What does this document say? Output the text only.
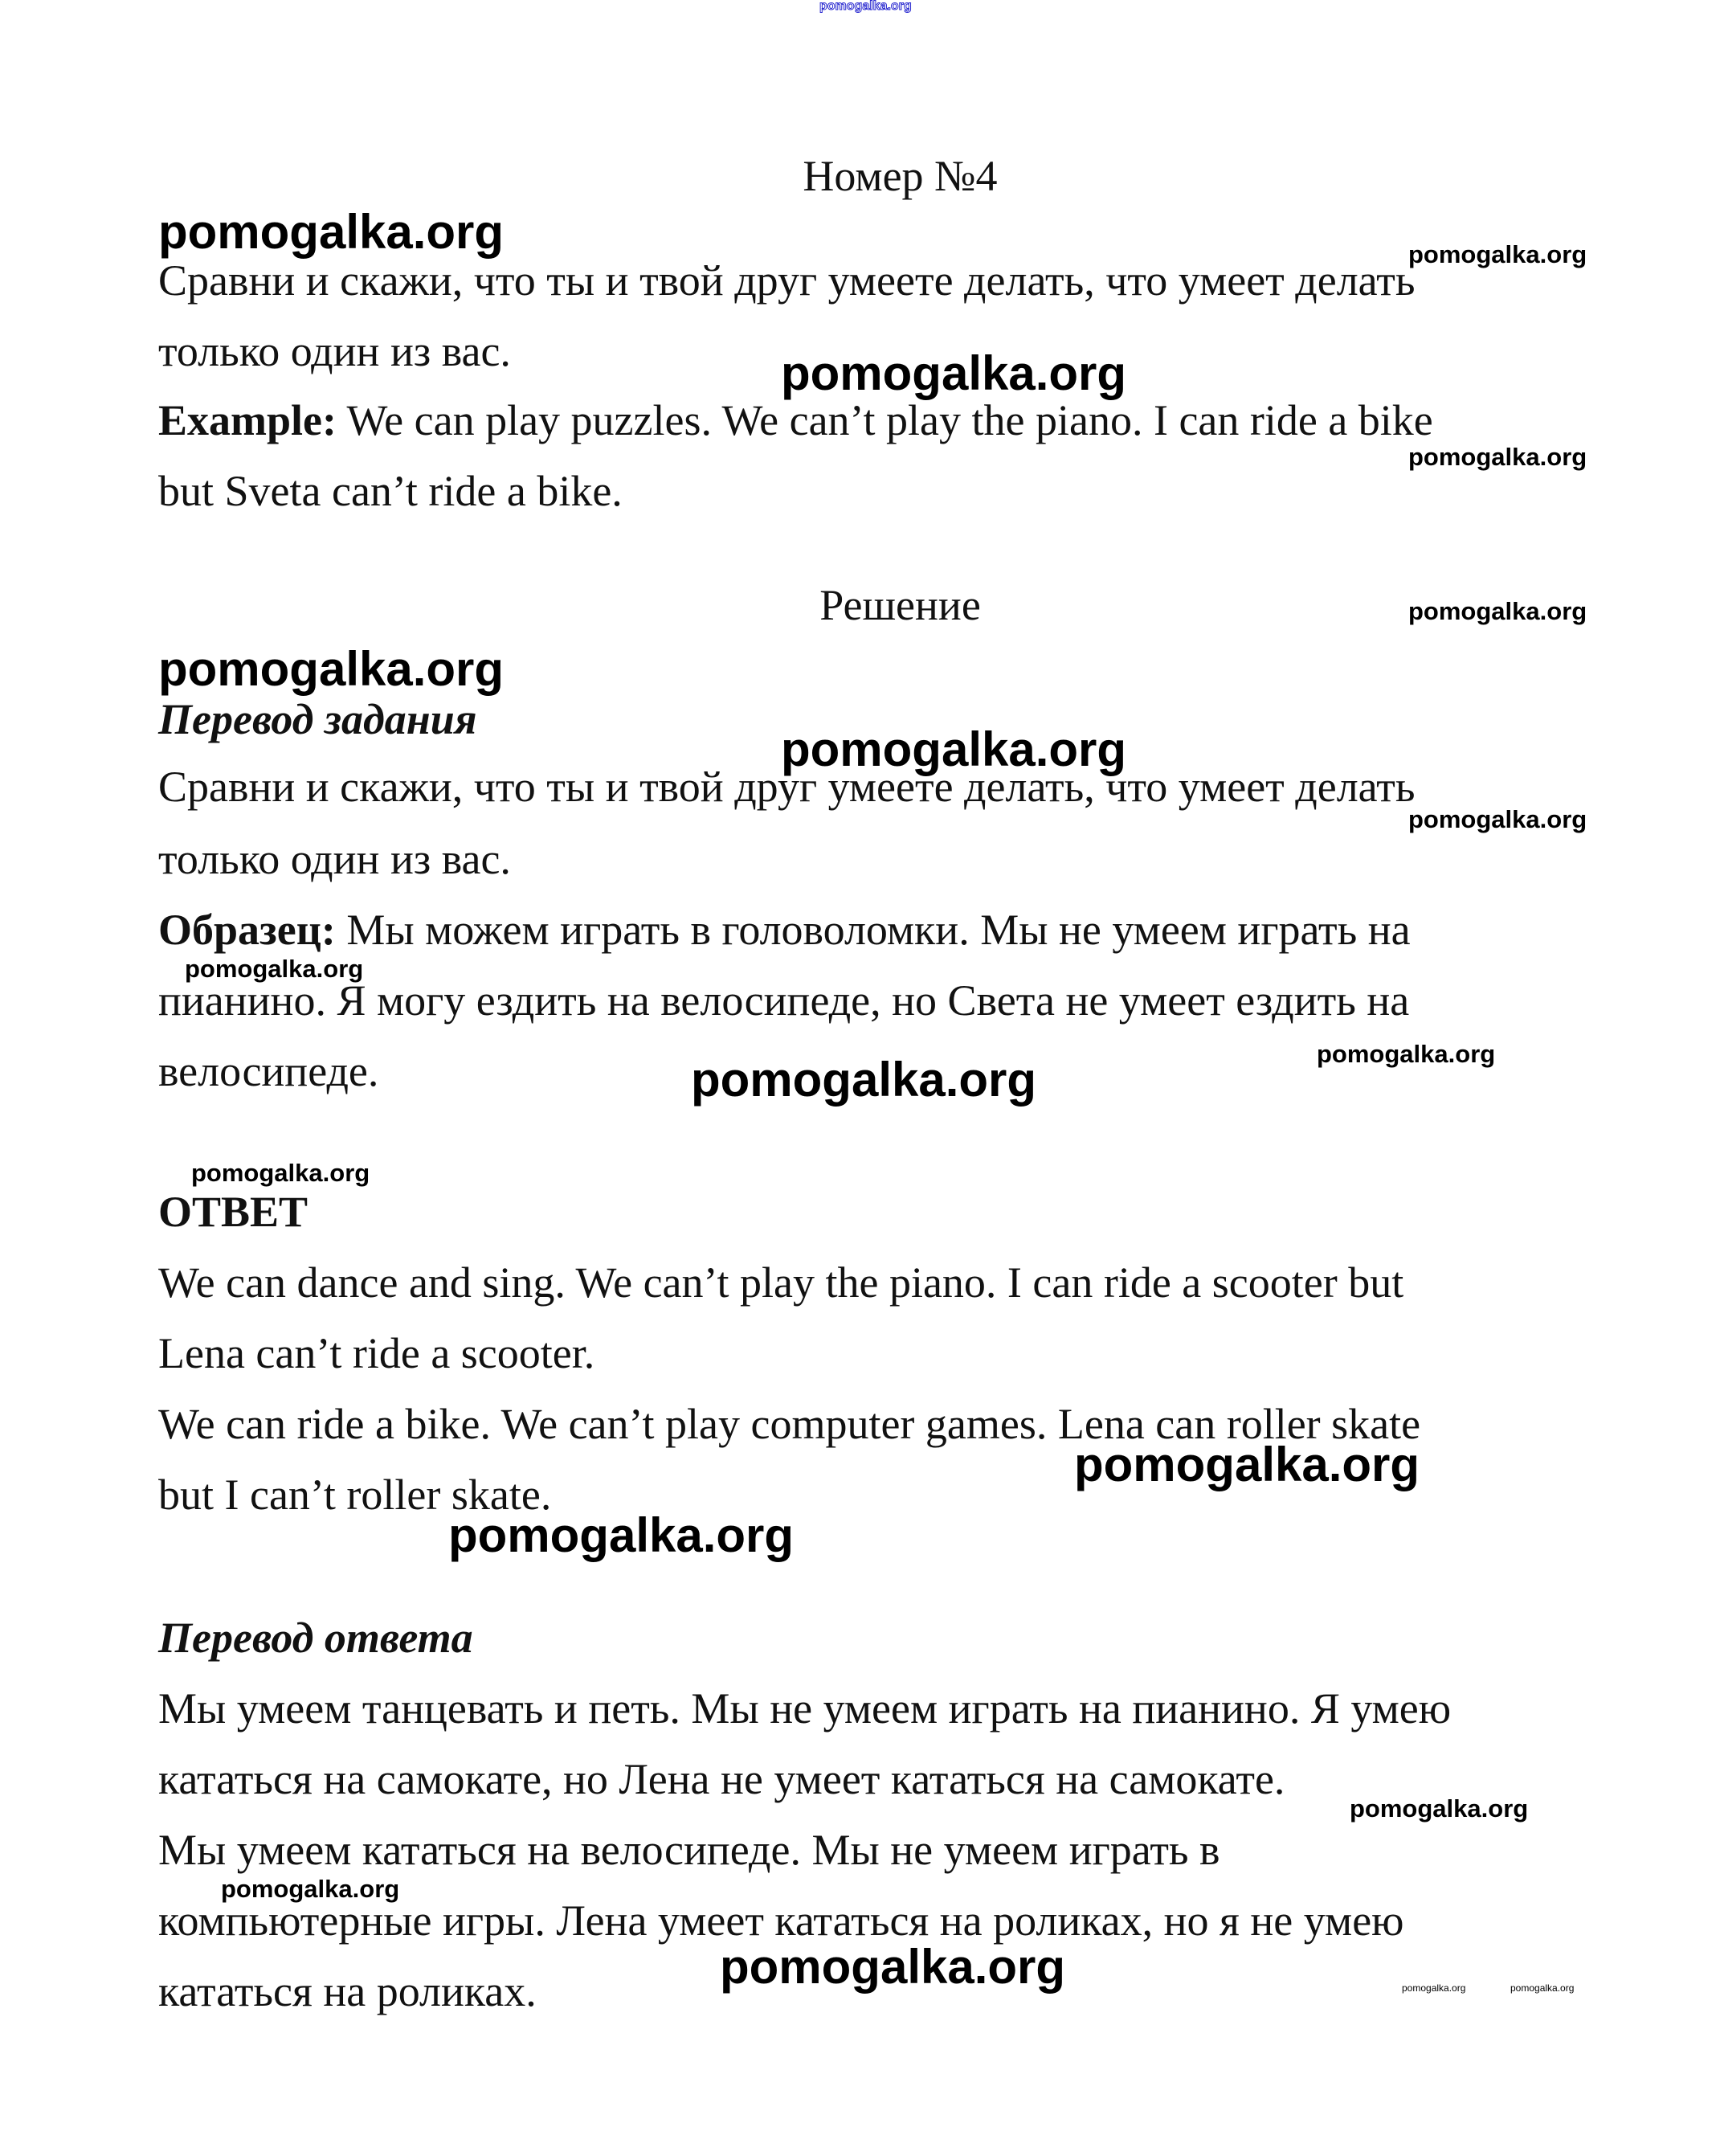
Номер №4
Сравни и скажи, что ты и твой друг умеете делать, что умеет делать
только один из вас.
Example: We can play puzzles. We can’t play the piano. I can ride a bike
but Sveta can’t ride a bike.
Решение
Перевод задания
Сравни и скажи, что ты и твой друг умеете делать, что умеет делать
только один из вас.
Образец: Мы можем играть в головоломки. Мы не умеем играть на
пианино. Я могу ездить на велосипеде, но Света не умеет ездить на
велосипеде.
ОТВЕТ
We can dance and sing. We can’t play the piano. I can ride a scooter but
Lena can’t ride a scooter.
We can ride a bike. We can’t play computer games. Lena can roller skate
but I can’t roller skate.
Перевод ответа
Мы умеем танцевать и петь. Мы не умеем играть на пианино. Я умею
кататься на самокате, но Лена не умеет кататься на самокате.
Мы умеем кататься на велосипеде. Мы не умеем играть в
компьютерные игры. Лена умеет кататься на роликах, но я не умею
кататься на роликах.
pomogalka.org
pomogalka.org	pomogalka.org
pomogalka.org
pomogalka.org
pomogalka.org
pomogalka.org
pomogalka.org
pomogalka.org
pomogalka.org
pomogalka.org
pomogalka.org
pomogalka.org
pomogalka.org
pomogalka.org
pomogalka.org
pomogalka.org
pomogalka.org	pomogalka.org	pomogalka.org
